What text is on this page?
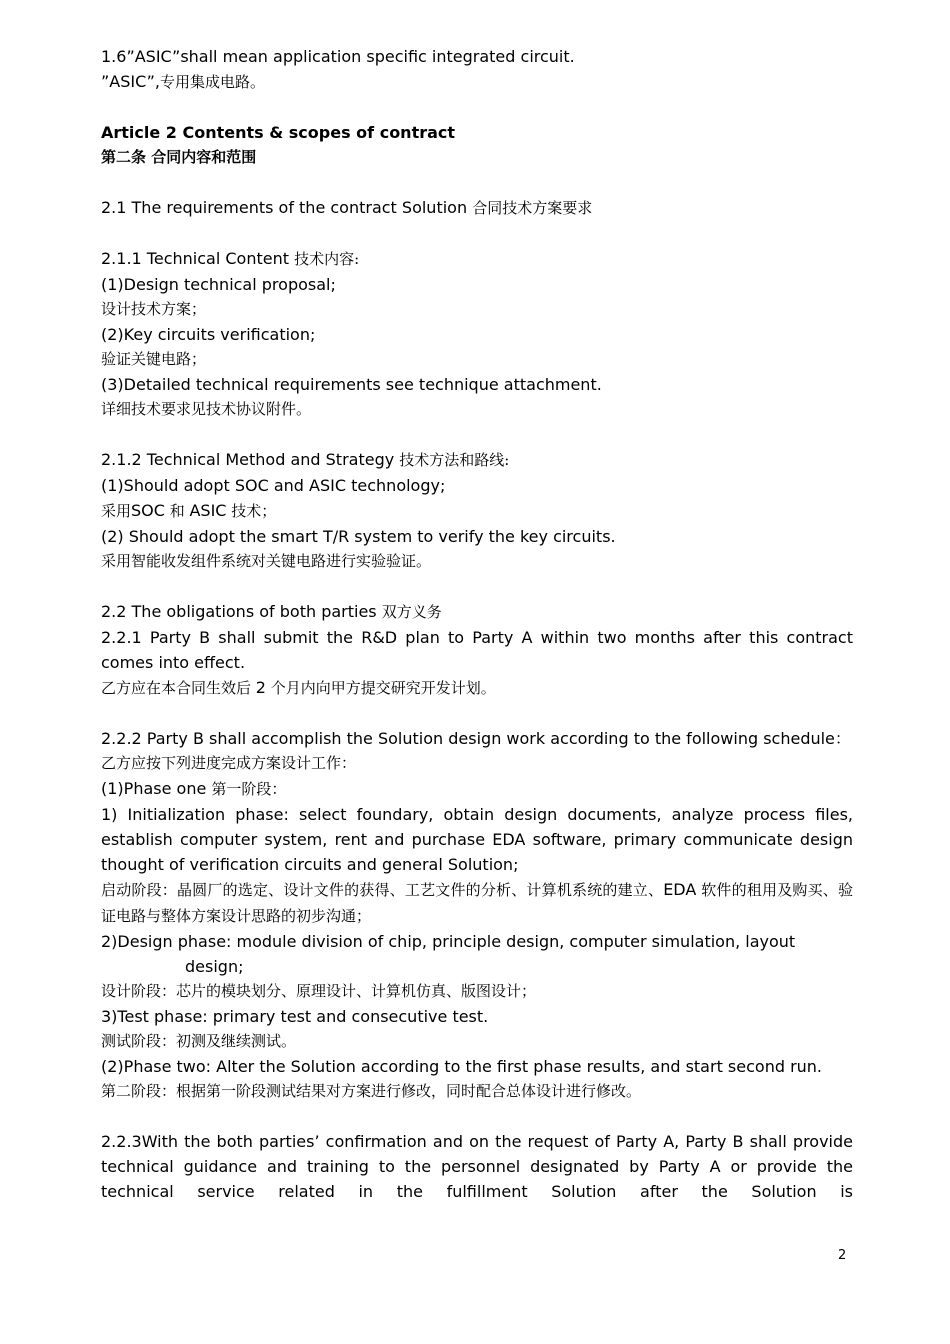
1.6”ASIC”shall mean application specific integrated circuit.
”ASIC”,专用集成电路。
Article 2 Contents & scopes of contract
第二条 合同内容和范围
2.1 The requirements of the contract Solution 合同技术方案要求
2.1.1 Technical Content 技术内容:
(1)Design technical proposal;
设计技术方案；
(2)Key circuits verification;
验证关键电路；
(3)Detailed technical requirements see technique attachment.
详细技术要求见技术协议附件。
2.1.2 Technical Method and Strategy 技术方法和路线:
(1)Should adopt SOC and ASIC technology;
采用SOC 和 ASIC 技术；
(2) Should adopt the smart T/R system to verify the key circuits.
采用智能收发组件系统对关键电路进行实验验证。
2.2 The obligations of both parties 双方义务
2.2.1 Party B shall submit the R&D plan to Party A within two months after this contract comes into effect.
乙方应在本合同生效后 2 个月内向甲方提交研究开发计划。
2.2.2 Party B shall accomplish the Solution design work according to the following schedule：
乙方应按下列进度完成方案设计工作：
(1)Phase one 第一阶段：
1) Initialization phase: select foundary, obtain design documents, analyze process files, establish computer system, rent and purchase EDA software, primary communicate design thought of verification circuits and general Solution;
启动阶段：晶圆厂的选定、设计文件的获得、工艺文件的分析、计算机系统的建立、EDA 软件的租用及购买、验证电路与整体方案设计思路的初步沟通；
2)Design phase: module division of chip, principle design, computer simulation, layout
design;
设计阶段：芯片的模块划分、原理设计、计算机仿真、版图设计；
3)Test phase: primary test and consecutive test.
测试阶段：初测及继续测试。
(2)Phase two: Alter the Solution according to the first phase results, and start second run.
第二阶段：根据第一阶段测试结果对方案进行修改，同时配合总体设计进行修改。
2.2.3With the both parties’ confirmation and on the request of Party A, Party B shall provide technical guidance and training to the personnel designated by Party A or provide the technical service related in the fulfillment Solution after the Solution is
2
